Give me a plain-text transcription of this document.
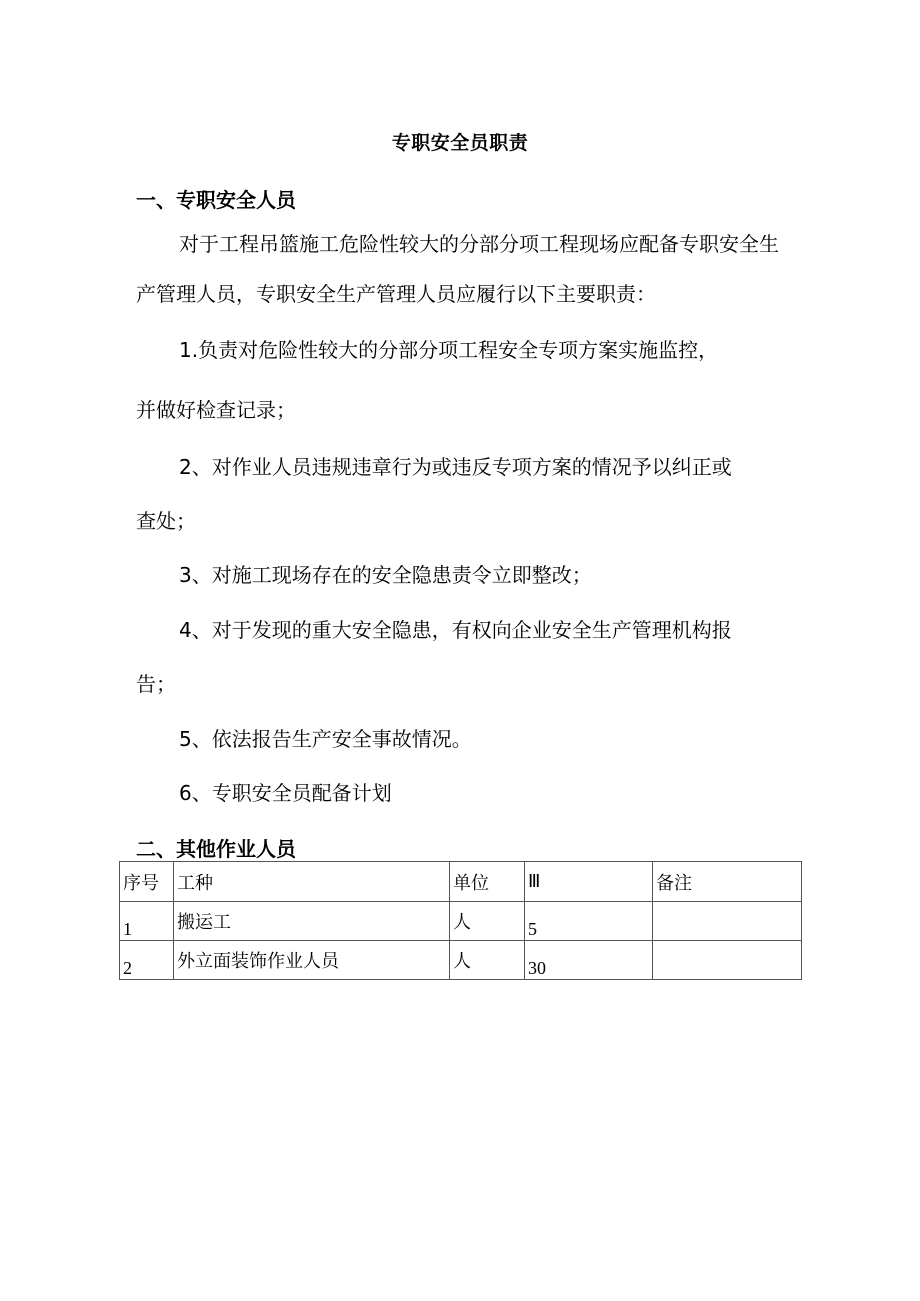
专职安全员职责
一、专职安全人员
对于工程吊篮施工危险性较大的分部分项工程现场应配备专职安全生
产管理人员，专职安全生产管理人员应履行以下主要职责：
1.负责对危险性较大的分部分项工程安全专项方案实施监控，
并做好检查记录；
2、对作业人员违规违章行为或违反专项方案的情况予以纠正或
查处；
3、对施工现场存在的安全隐患责令立即整改；
4、对于发现的重大安全隐患，有权向企业安全生产管理机构报
告；
5、依法报告生产安全事故情况。
6、专职安全员配备计划
二、其他作业人员
序号	工种	单位	Ⅲ	备注
1	搬运工	人	5	
2	外立面装饰作业人员	人	30	
